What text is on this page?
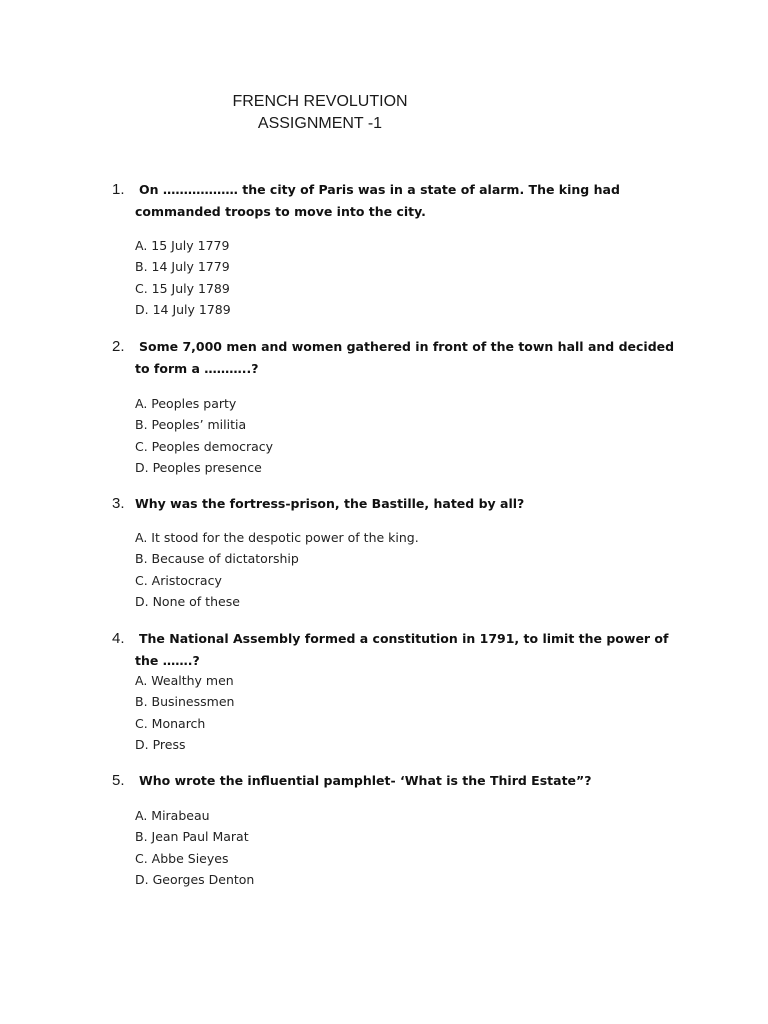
FRENCH REVOLUTION
ASSIGNMENT -1
1.	On ……………… the city of Paris was in a state of alarm. The king had commanded troops to move into the city.
A. 15 July 1779
B. 14 July 1779
C. 15 July 1789
D. 14 July 1789
2.	Some 7,000 men and women gathered in front of the town hall and decided to form a ………..?
A. Peoples party
B. Peoples’ militia
C. Peoples democracy
D. Peoples presence
3. Why was the fortress-prison, the Bastille, hated by all?
A. It stood for the despotic power of the king.
B. Because of dictatorship
C. Aristocracy
D. None of these
4.	The National Assembly formed a constitution in 1791, to limit the power of the …….?
A. Wealthy men
B. Businessmen
C. Monarch
D. Press
5.	Who wrote the influential pamphlet- ‘What is the Third Estate”?
A. Mirabeau
B. Jean Paul Marat
C. Abbe Sieyes
D. Georges Denton
